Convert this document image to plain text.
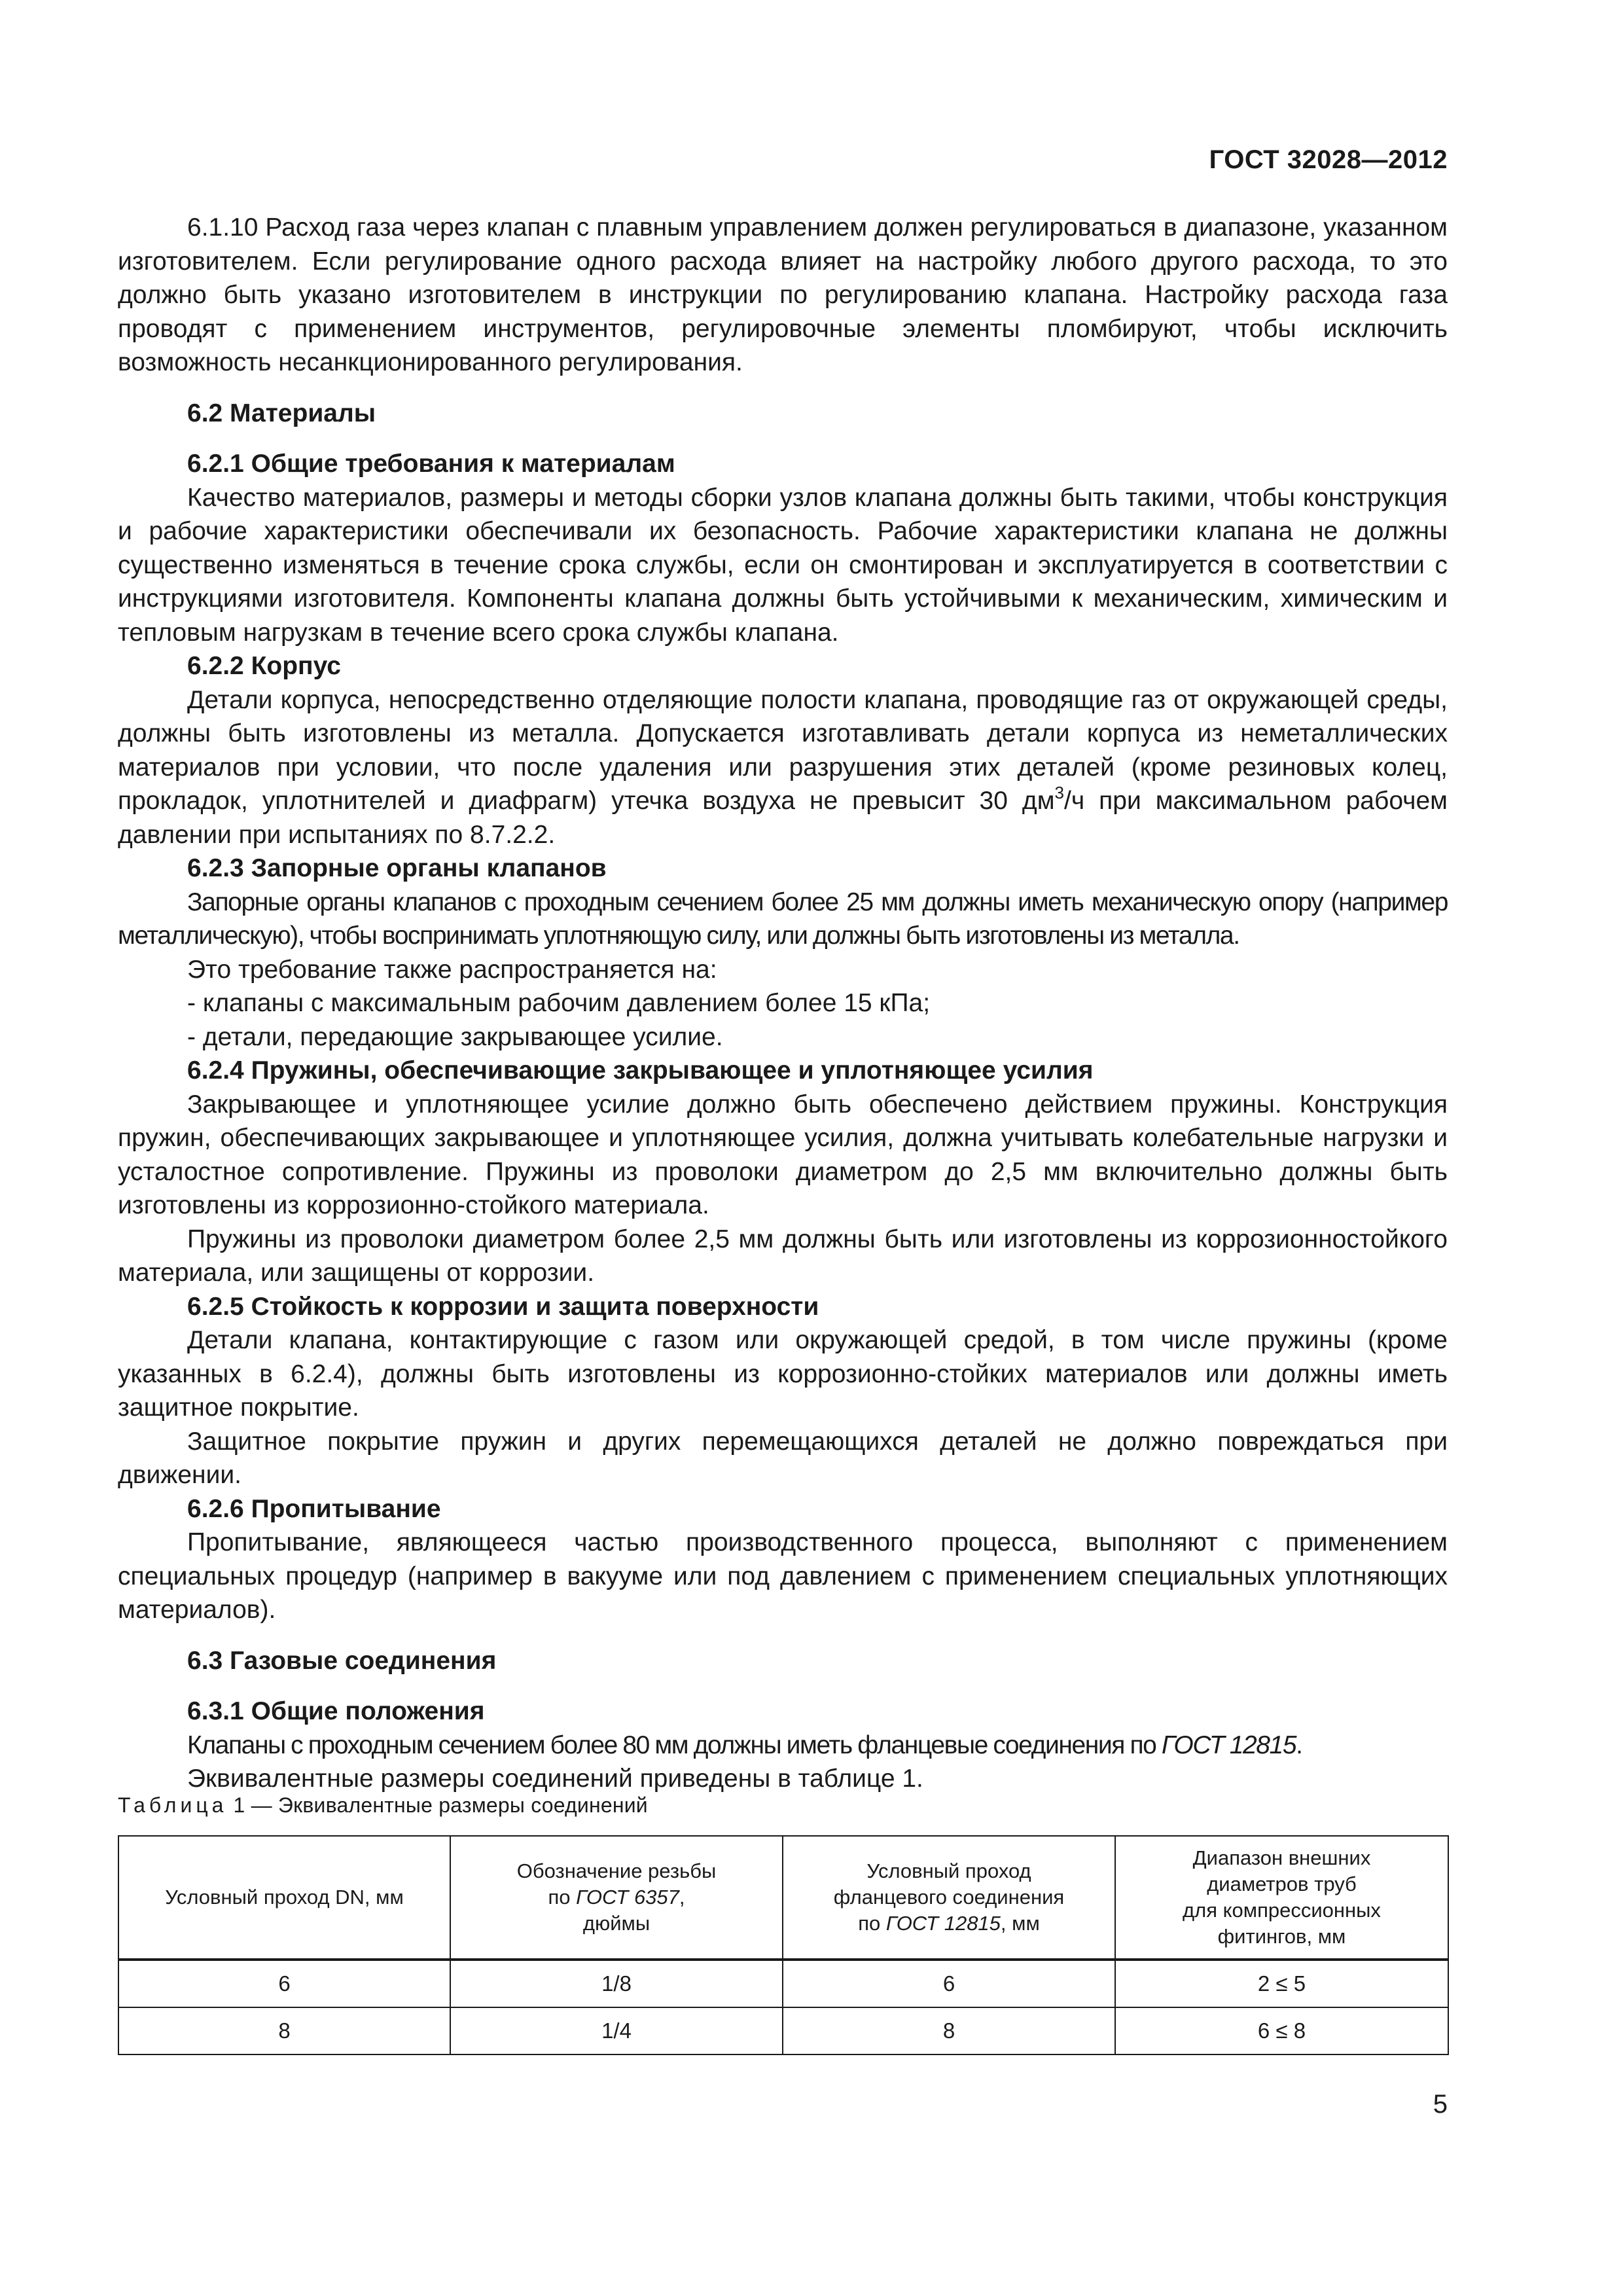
ГОСТ 32028—2012

6.1.10 Расход газа через клапан с плавным управлением должен регулироваться в диапазоне, указанном изготовителем. Если регулирование одного расхода влияет на настройку любого другого расхода, то это должно быть указано изготовителем в инструкции по регулированию клапана. Настройку расхода газа проводят с применением инструментов, регулировочные элементы пломбируют, чтобы исключить возможность несанкционированного регулирования.

6.2 Материалы
6.2.1 Общие требования к материалам

Качество материалов, размеры и методы сборки узлов клапана должны быть такими, чтобы конструкция и рабочие характеристики обеспечивали их безопасность. Рабочие характеристики клапана не должны существенно изменяться в течение срока службы, если он смонтирован и эксплуатируется в соответствии с инструкциями изготовителя. Компоненты клапана должны быть устойчивыми к механическим, химическим и тепловым нагрузкам в течение всего срока службы клапана.

6.2.2 Корпус

Детали корпуса, непосредственно отделяющие полости клапана, проводящие газ от окружающей среды, должны быть изготовлены из металла. Допускается изготавливать детали корпуса из неметаллических материалов при условии, что после удаления или разрушения этих деталей (кроме резиновых колец, прокладок, уплотнителей и диафрагм) утечка воздуха не превысит 30 $дм^3/ч$ при максимальном рабочем давлении при испытаниях по 8.7.2.2.

6.2.3 Запорные органы клапанов

Запорные органы клапанов с проходным сечением более 25 мм должны иметь механическую опору (например металлическую), чтобы воспринимать уплотняющую силу, или должны быть изготовлены из металла.

Это требование также распространяется на:

- клапаны с максимальным рабочим давлением более 15 кПа;
- детали, передающие закрывающее усилие.
6.2.4 Пружины, обеспечивающие закрывающее и уплотняющее усилия

Закрывающее и уплотняющее усилие должно быть обеспечено действием пружины. Конструкция пружин, обеспечивающих закрывающее и уплотняющее усилия, должна учитывать колебательные нагрузки и усталостное сопротивление. Пружины из проволоки диаметром до 2,5 мм включительно должны быть изготовлены из коррозионно-стойкого материала.

Пружины из проволоки диаметром более 2,5 мм должны быть или изготовлены из коррозионностойкого материала, или защищены от коррозии.

6.2.5 Стойкость к коррозии и защита поверхности

Детали клапана, контактирующие с газом или окружающей средой, в том числе пружины (кроме указанных в 6.2.4), должны быть изготовлены из коррозионно-стойких материалов или должны иметь защитное покрытие.

Защитное покрытие пружин и других перемещающихся деталей не должно повреждаться при движении.

6.2.6 Пропитывание

Пропитывание, являющееся частью производственного процесса, выполняют с применением специальных процедур (например в вакууме или под давлением с применением специальных уплотняющих материалов).

6.3 Газовые соединения
6.3.1 Общие положения

Клапаны с проходным сечением более 80 мм должны иметь фланцевые соединения по ГОСТ 12815.

Эквивалентные размеры соединений приведены в таблице 1.

Таблица 1 — Эквивалентные размеры соединений
Условный проход DN, мм	Обозначение резьбы
по ГОСТ 6357,
дюймы	Условный проход
фланцевого соединения
по ГОСТ 12815, мм	Диапазон внешних
диаметров труб
для компрессионных
фитингов, мм
6	1/8	6	2 ≤ 5
8	1/4	8	6 ≤ 8
5
